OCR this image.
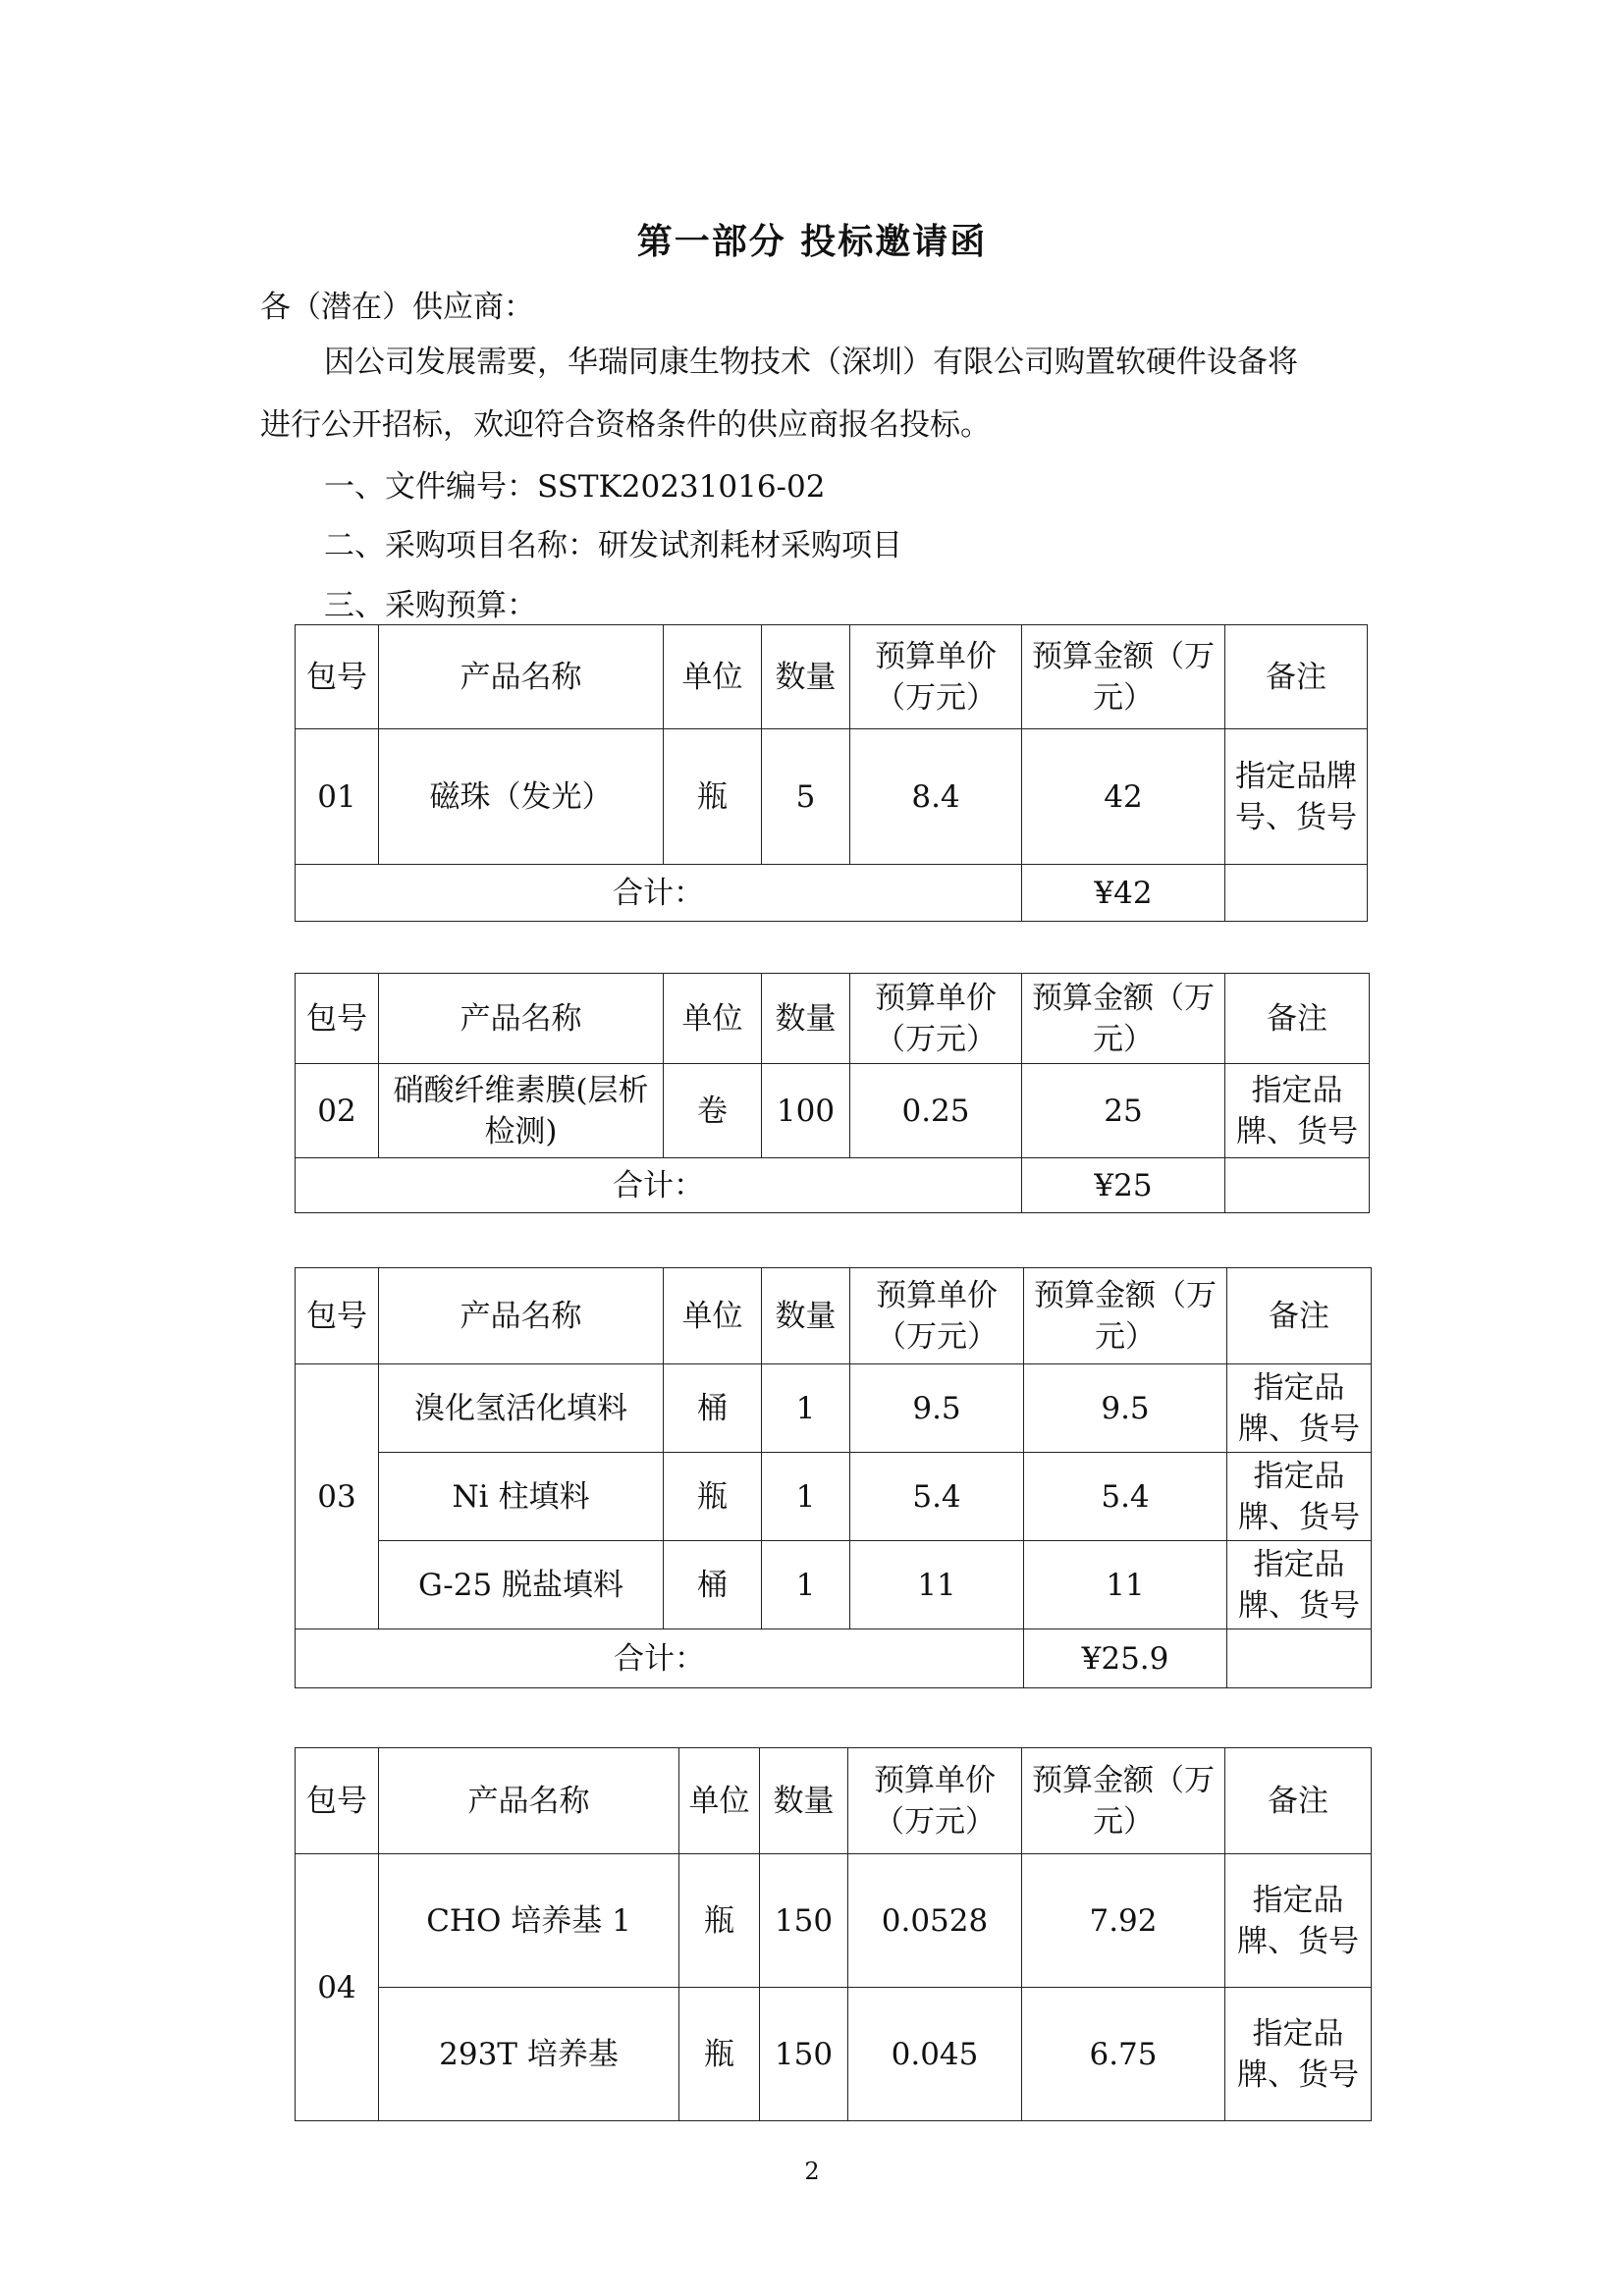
第一部分 投标邀请函
各（潜在）供应商：
因公司发展需要，华瑞同康生物技术（深圳）有限公司购置软硬件设备将
进行公开招标，欢迎符合资格条件的供应商报名投标。
一、文件编号：SSTK20231016-02
二、采购项目名称：研发试剂耗材采购项目
三、采购预算：
包号	产品名称	单位	数量	预算单价（万元）	预算金额（万元）	备注
01	磁珠（发光）	瓶	5	8.4	42	指定品牌号、货号
合计：					¥42	
包号	产品名称	单位	数量	预算单价（万元）	预算金额（万元）	备注
02	硝酸纤维素膜(层析检测)	卷	100	0.25	25	指定品牌、货号
合计：					¥25	
包号	产品名称	单位	数量	预算单价（万元）	预算金额（万元）	备注
03	溴化氢活化填料	桶	1	9.5	9.5	指定品牌、货号
	Ni 柱填料	瓶	1	5.4	5.4	指定品牌、货号
	G-25 脱盐填料	桶	1	11	11	指定品牌、货号
合计：					¥25.9	
包号	产品名称	单位	数量	预算单价（万元）	预算金额（万元）	备注
04	CHO 培养基 1	瓶	150	0.0528	7.92	指定品牌、货号
	293T 培养基	瓶	150	0.045	6.75	指定品牌、货号
2
